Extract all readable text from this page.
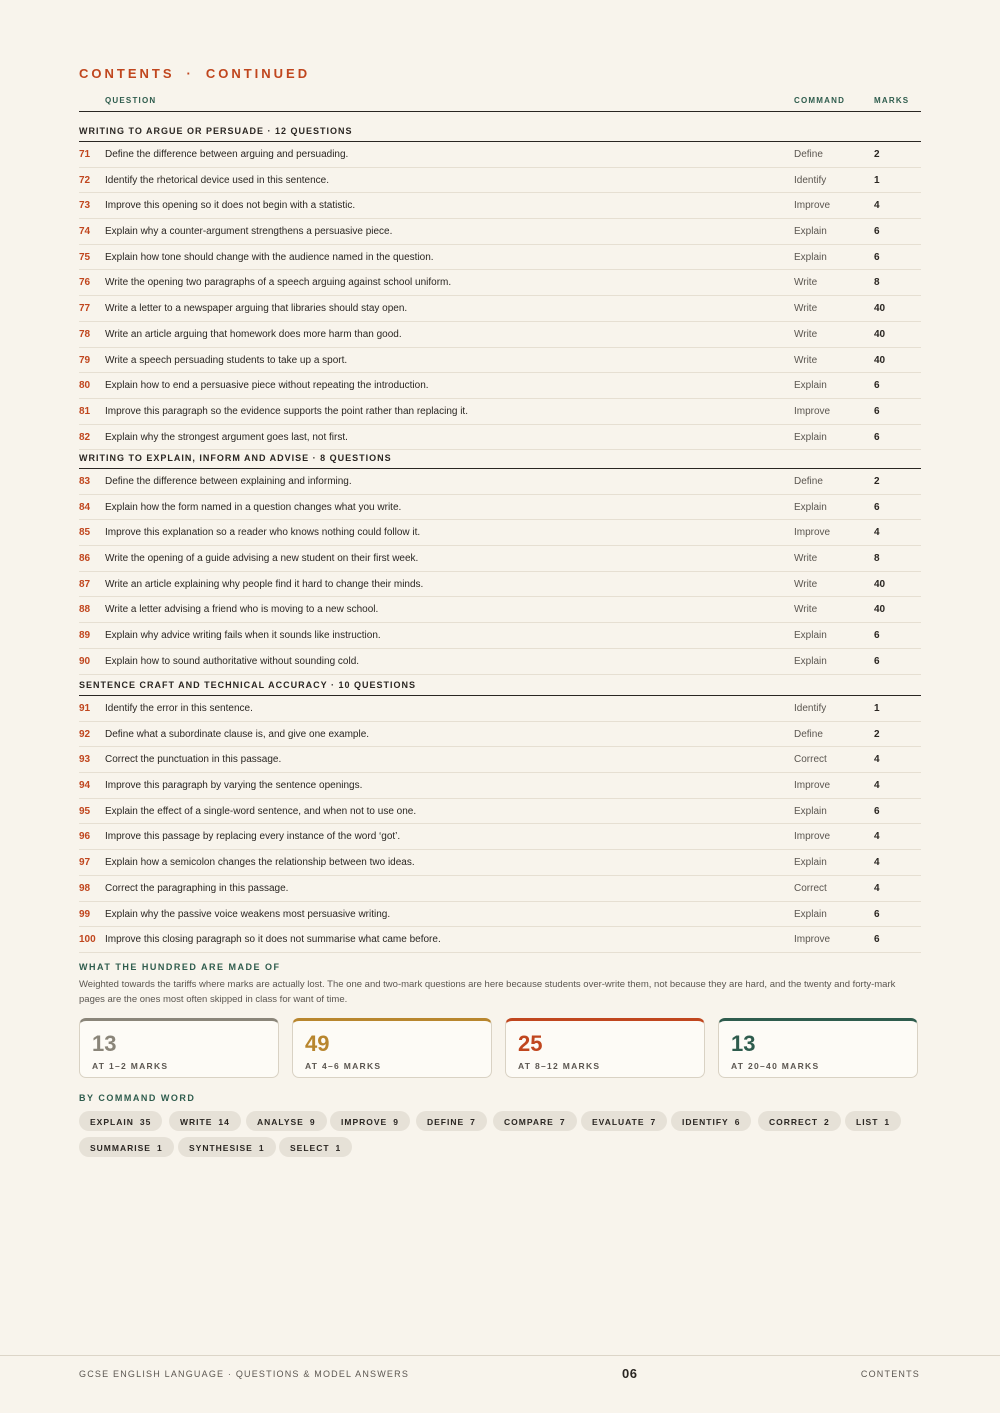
CONTENTS · CONTINUED
QUESTION	COMMAND	MARKS
WRITING TO ARGUE OR PERSUADE · 12 QUESTIONS
71 Define the difference between arguing and persuading.	Define	2
72 Identify the rhetorical device used in this sentence.	Identify	1
73 Improve this opening so it does not begin with a statistic.	Improve	4
74 Explain why a counter-argument strengthens a persuasive piece.	Explain	6
75 Explain how tone should change with the audience named in the question.	Explain	6
76 Write the opening two paragraphs of a speech arguing against school uniform.	Write	8
77 Write a letter to a newspaper arguing that libraries should stay open.	Write	40
78 Write an article arguing that homework does more harm than good.	Write	40
79 Write a speech persuading students to take up a sport.	Write	40
80 Explain how to end a persuasive piece without repeating the introduction.	Explain	6
81 Improve this paragraph so the evidence supports the point rather than replacing it.	Improve	6
82 Explain why the strongest argument goes last, not first.	Explain	6
WRITING TO EXPLAIN, INFORM AND ADVISE · 8 QUESTIONS
83 Define the difference between explaining and informing.	Define	2
84 Explain how the form named in a question changes what you write.	Explain	6
85 Improve this explanation so a reader who knows nothing could follow it.	Improve	4
86 Write the opening of a guide advising a new student on their first week.	Write	8
87 Write an article explaining why people find it hard to change their minds.	Write	40
88 Write a letter advising a friend who is moving to a new school.	Write	40
89 Explain why advice writing fails when it sounds like instruction.	Explain	6
90 Explain how to sound authoritative without sounding cold.	Explain	6
SENTENCE CRAFT AND TECHNICAL ACCURACY · 10 QUESTIONS
91 Identify the error in this sentence.	Identify	1
92 Define what a subordinate clause is, and give one example.	Define	2
93 Correct the punctuation in this passage.	Correct	4
94 Improve this paragraph by varying the sentence openings.	Improve	4
95 Explain the effect of a single-word sentence, and when not to use one.	Explain	6
96 Improve this passage by replacing every instance of the word ‘got’.	Improve	4
97 Explain how a semicolon changes the relationship between two ideas.	Explain	4
98 Correct the paragraphing in this passage.	Correct	4
99 Explain why the passive voice weakens most persuasive writing.	Explain	6
100 Improve this closing paragraph so it does not summarise what came before.	Improve	6
WHAT THE HUNDRED ARE MADE OF
Weighted towards the tariffs where marks are actually lost. The one and two-mark questions are here because students over-write them, not because they are hard, and the twenty and forty-mark pages are the ones most often skipped in class for want of time.
13
AT 1–2 MARKS
49
AT 4–6 MARKS
25
AT 8–12 MARKS
13
AT 20–40 MARKS
BY COMMAND WORD
EXPLAIN 35	WRITE 14	ANALYSE 9	IMPROVE 9	DEFINE 7	COMPARE 7	EVALUATE 7	IDENTIFY 6	CORRECT 2	LIST 1
SUMMARISE 1	SYNTHESISE 1	SELECT 1
GCSE ENGLISH LANGUAGE · QUESTIONS & MODEL ANSWERS	06	CONTENTS
